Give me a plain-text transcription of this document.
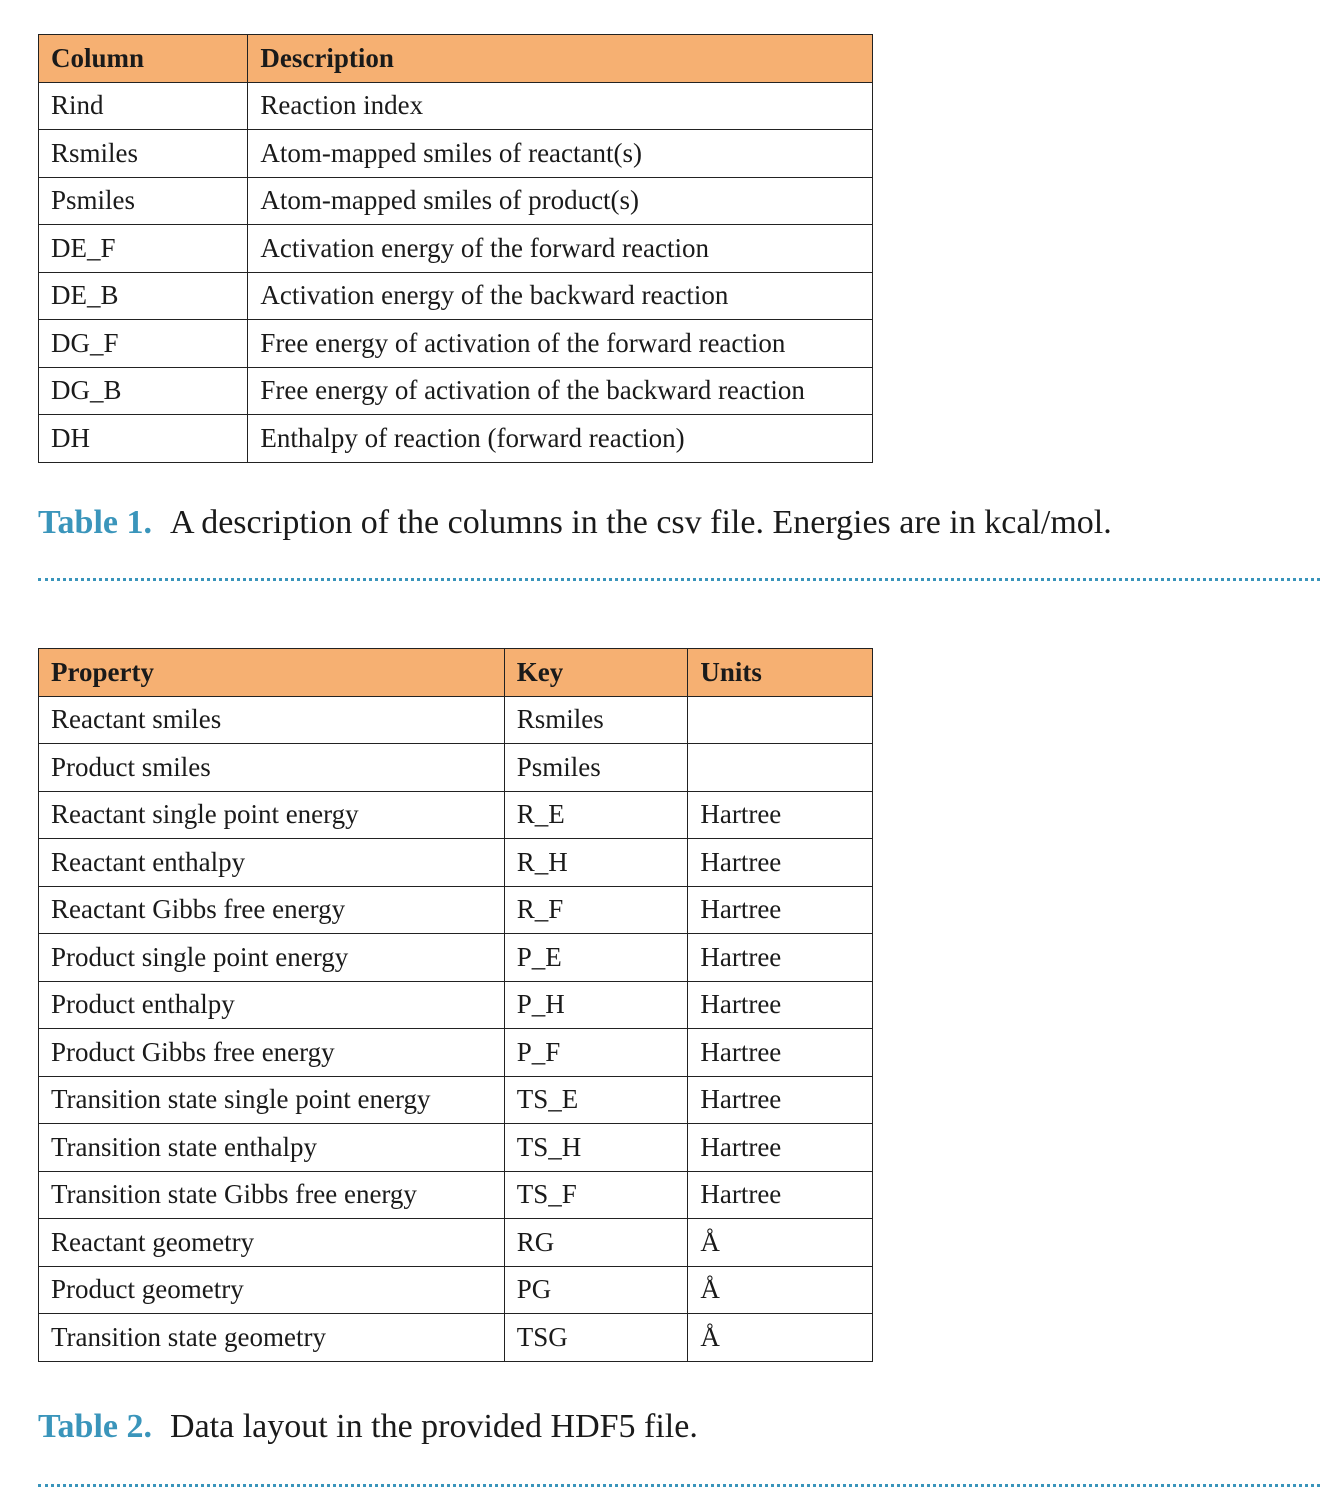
Column	Description
Rind	Reaction index
Rsmiles	Atom-mapped smiles of reactant(s)
Psmiles	Atom-mapped smiles of product(s)
DE_F	Activation energy of the forward reaction
DE_B	Activation energy of the backward reaction
DG_F	Free energy of activation of the forward reaction
DG_B	Free energy of activation of the backward reaction
DH	Enthalpy of reaction (forward reaction)
Table 1. A description of the columns in the csv file. Energies are in kcal/mol.
Property	Key	Units
Reactant smiles	Rsmiles	
Product smiles	Psmiles	
Reactant single point energy	R_E	Hartree
Reactant enthalpy	R_H	Hartree
Reactant Gibbs free energy	R_F	Hartree
Product single point energy	P_E	Hartree
Product enthalpy	P_H	Hartree
Product Gibbs free energy	P_F	Hartree
Transition state single point energy	TS_E	Hartree
Transition state enthalpy	TS_H	Hartree
Transition state Gibbs free energy	TS_F	Hartree
Reactant geometry	RG	Å
Product geometry	PG	Å
Transition state geometry	TSG	Å
Table 2. Data layout in the provided HDF5 file.
